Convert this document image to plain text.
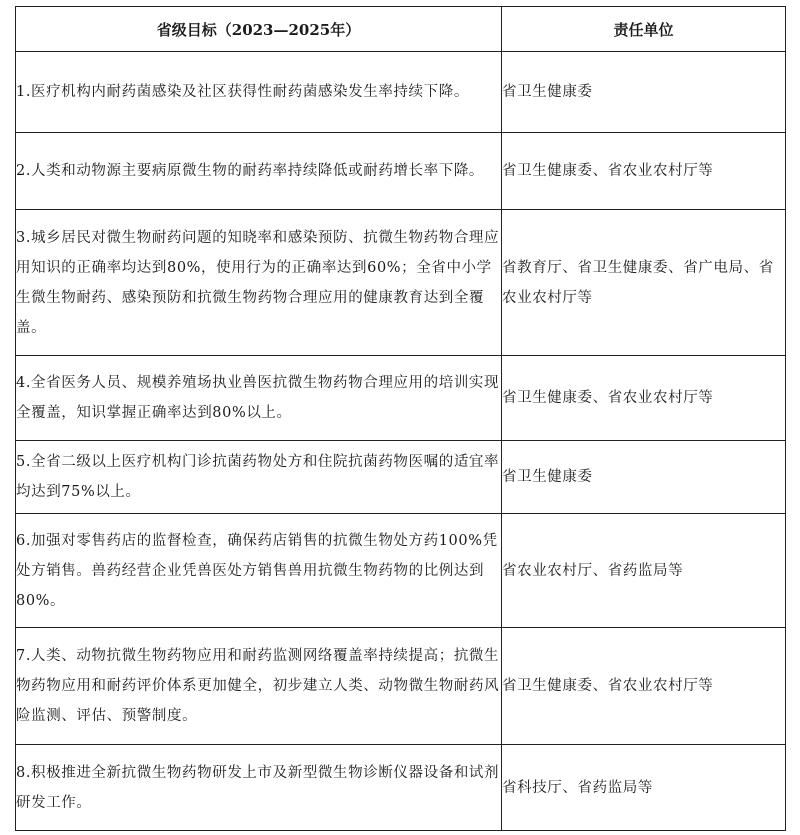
省级目标（2023—2025年）	责任单位
1.医疗机构内耐药菌感染及社区获得性耐药菌感染发生率持续下降。	省卫生健康委
2.人类和动物源主要病原微生物的耐药率持续降低或耐药增长率下降。	省卫生健康委、省农业农村厅等
3.城乡居民对微生物耐药问题的知晓率和感染预防、抗微生物药物合理应用知识的正确率均达到80%，使用行为的正确率达到60%；全省中小学生微生物耐药、感染预防和抗微生物药物合理应用的健康教育达到全覆盖。	省教育厅、省卫生健康委、省广电局、省农业农村厅等
4.全省医务人员、规模养殖场执业兽医抗微生物药物合理应用的培训实现全覆盖，知识掌握正确率达到80%以上。	省卫生健康委、省农业农村厅等
5.全省二级以上医疗机构门诊抗菌药物处方和住院抗菌药物医嘱的适宜率均达到75%以上。	省卫生健康委
6.加强对零售药店的监督检查，确保药店销售的抗微生物处方药100%凭处方销售。兽药经营企业凭兽医处方销售兽用抗微生物药物的比例达到80%。	省农业农村厅、省药监局等
7.人类、动物抗微生物药物应用和耐药监测网络覆盖率持续提高；抗微生物药物应用和耐药评价体系更加健全，初步建立人类、动物微生物耐药风险监测、评估、预警制度。	省卫生健康委、省农业农村厅等
8.积极推进全新抗微生物药物研发上市及新型微生物诊断仪器设备和试剂研发工作。	省科技厅、省药监局等
